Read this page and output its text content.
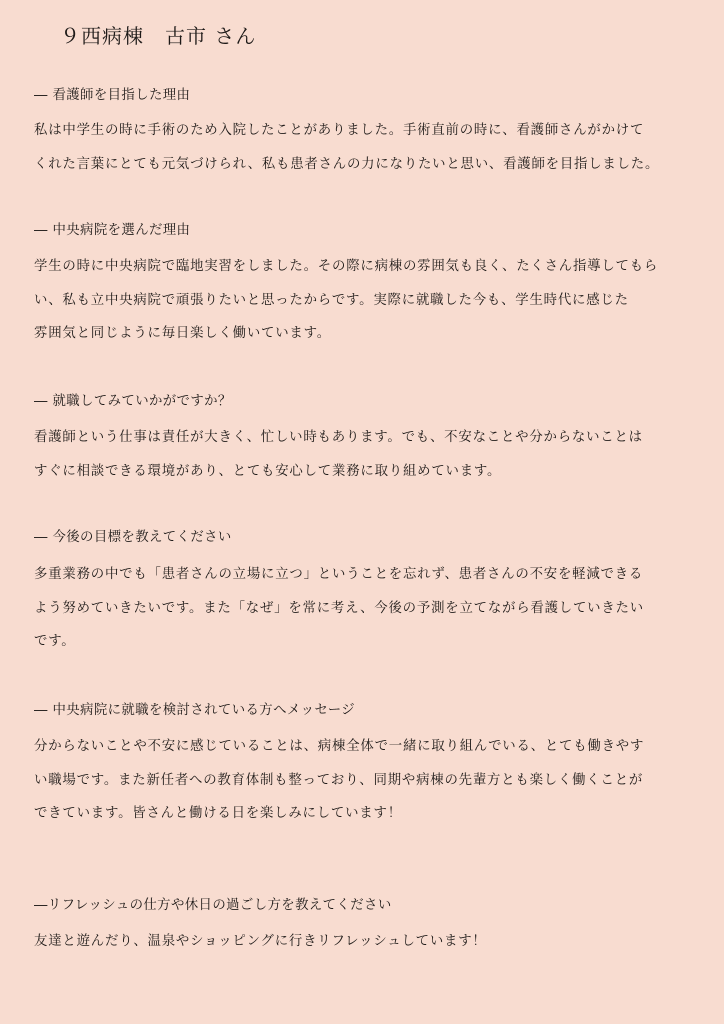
９西病棟　古市 さん
― 看護師を目指した理由
私は中学生の時に手術のため入院したことがありました。手術直前の時に、看護師さんがかけて
くれた言葉にとても元気づけられ、私も患者さんの力になりたいと思い、看護師を目指しました。
― 中央病院を選んだ理由
学生の時に中央病院で臨地実習をしました。その際に病棟の雰囲気も良く、たくさん指導してもら
い、私も立中央病院で頑張りたいと思ったからです。実際に就職した今も、学生時代に感じた
雰囲気と同じように毎日楽しく働いています。
― 就職してみていかがですか？
看護師という仕事は責任が大きく、忙しい時もあります。でも、不安なことや分からないことは
すぐに相談できる環境があり、とても安心して業務に取り組めています。
― 今後の目標を教えてください
多重業務の中でも「患者さんの立場に立つ」ということを忘れず、患者さんの不安を軽減できる
よう努めていきたいです。また「なぜ」を常に考え、今後の予測を立てながら看護していきたい
です。
― 中央病院に就職を検討されている方へメッセージ
分からないことや不安に感じていることは、病棟全体で一緒に取り組んでいる、とても働きやす
い職場です。また新任者への教育体制も整っており、同期や病棟の先輩方とも楽しく働くことが
できています。皆さんと働ける日を楽しみにしています！
―リフレッシュの仕方や休日の過ごし方を教えてください
友達と遊んだり、温泉やショッピングに行きリフレッシュしています！
